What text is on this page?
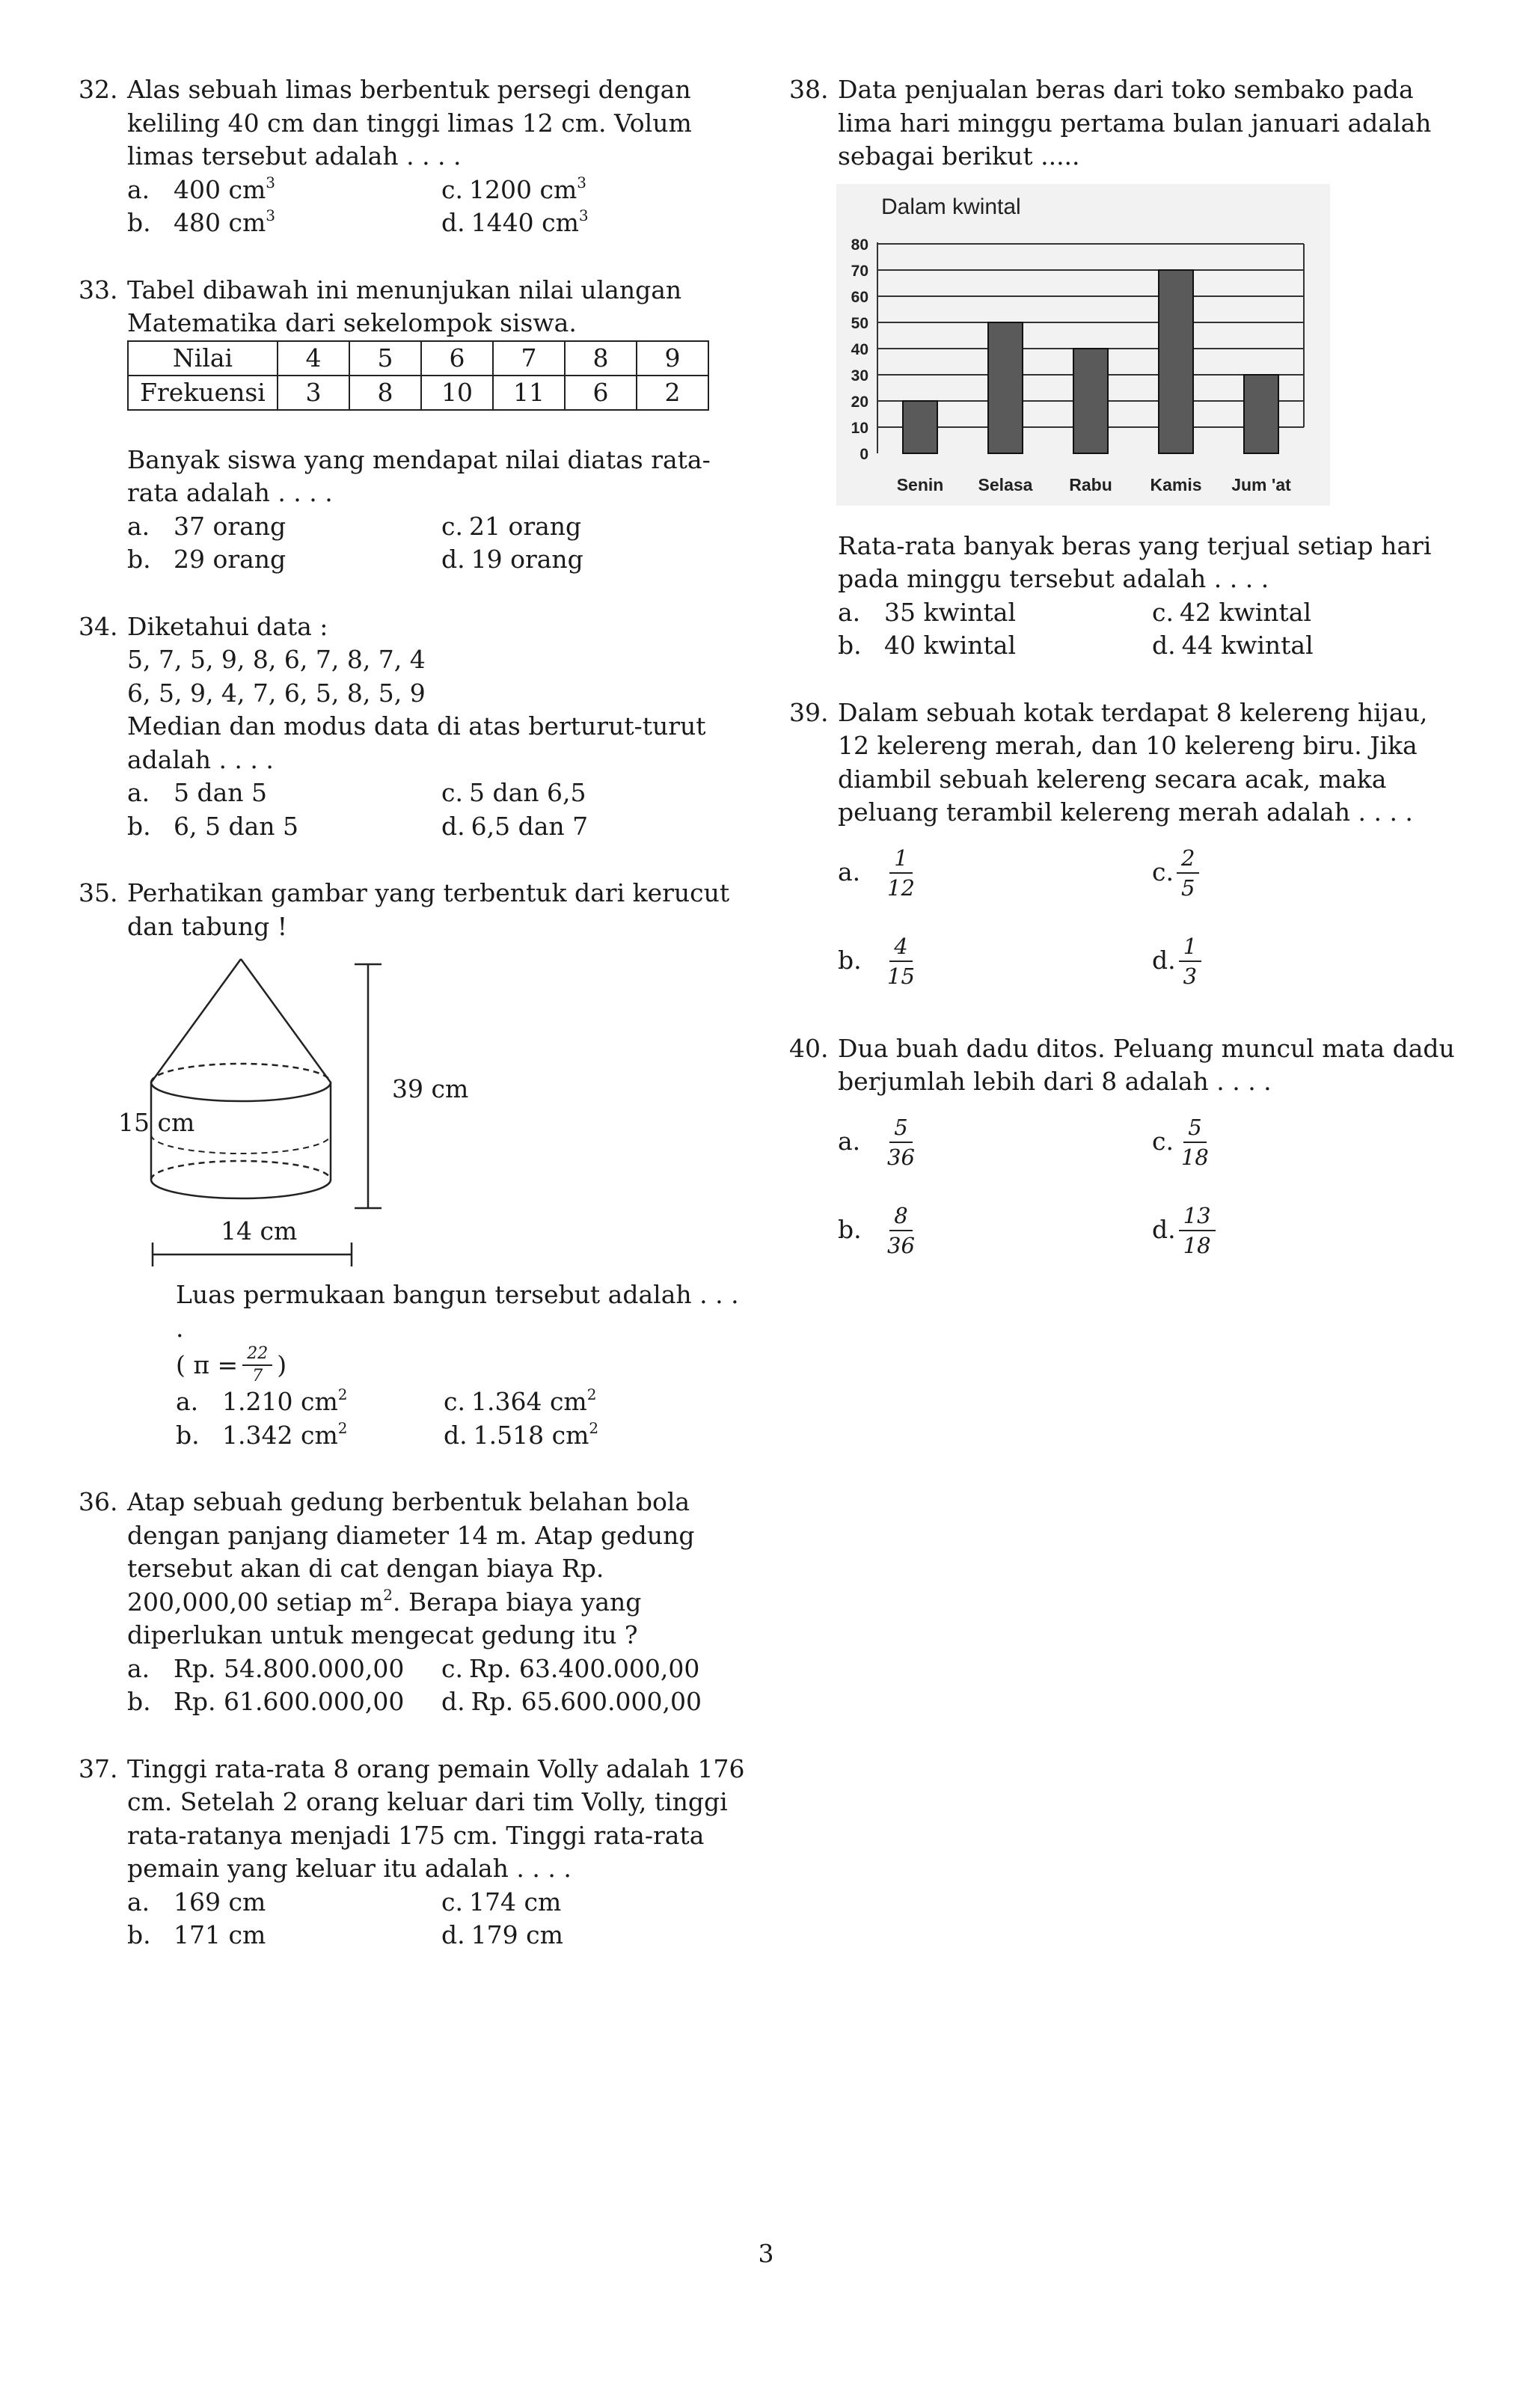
32. Alas sebuah limas berbentuk persegi dengan keliling 40 cm dan tinggi limas 12 cm. Volum limas tersebut adalah . . . .
a. 400 $cm^3$	c. 1200 $cm^3$
b. 480 $cm^3$	d. 1440 $cm^3$
33. Tabel dibawah ini menunjukan nilai ulangan Matematika dari sekelompok siswa.
Nilai	4	5	6	7	8	9
Frekuensi	3	8	10	11	6	2
Banyak siswa yang mendapat nilai diatas rata-rata adalah . . . .
a. 37 orang	c. 21 orang
b. 29 orang	d. 19 orang
34. Diketahui data :
5, 7, 5, 9, 8, 6, 7, 8, 7, 4
6, 5, 9, 4, 7, 6, 5, 8, 5, 9
Median dan modus data di atas berturut-turut adalah . . . .
a. 5 dan 5	c. 5 dan 6,5
b. 6, 5 dan 5	d. 6,5 dan 7
35. Perhatikan gambar yang terbentuk dari kerucut dan tabung !
39 cm
15 cm
14 cm
Luas permukaan bangun tersebut adalah . . . .
( $\pi = \frac{22}{7}$ )
a. 1.210 $cm^2$	c. 1.364 $cm^2$
b. 1.342 $cm^2$	d. 1.518 $cm^2$
36. Atap sebuah gedung berbentuk belahan bola dengan panjang diameter 14 m. Atap gedung tersebut akan di cat dengan biaya Rp. 200,000,00 setiap $m^2$. Berapa biaya yang diperlukan untuk mengecat gedung itu ?
a. Rp. 54.800.000,00 c. Rp. 63.400.000,00
b. Rp. 61.600.000,00 d. Rp. 65.600.000,00
37. Tinggi rata-rata 8 orang pemain Volly adalah 176 cm. Setelah 2 orang keluar dari tim Volly, tinggi rata-ratanya menjadi 175 cm. Tinggi rata-rata pemain yang keluar itu adalah . . . .
a. 169 cm	c. 174 cm
b. 171 cm	d. 179 cm
38. Data penjualan beras dari toko sembako pada lima hari minggu pertama bulan januari adalah sebagai berikut .....
Dalam kwintal
0
10
20
30
40
50
60
70
80
Senin Selasa Rabu Kamis Jum 'at
Rata-rata banyak beras yang terjual setiap hari pada minggu tersebut adalah . . . .
a. 35 kwintal	c. 42 kwintal
b. 40 kwintal	d. 44 kwintal
39. Dalam sebuah kotak terdapat 8 kelereng hijau, 12 kelereng merah, dan 10 kelereng biru. Jika diambil sebuah kelereng secara acak, maka peluang terambil kelereng merah adalah . . . .
a.	$\frac{1}{12}$	c. $\frac{2}{5}$
b. $\frac{4}{15}$	d. $\frac{1}{3}$
40. Dua buah dadu ditos. Peluang muncul mata dadu berjumlah lebih dari 8 adalah . . . .
a.	$\frac{5}{36}$	c. $\frac{5}{18}$
b. $\frac{8}{36}$	d. $\frac{13}{18}$
3
